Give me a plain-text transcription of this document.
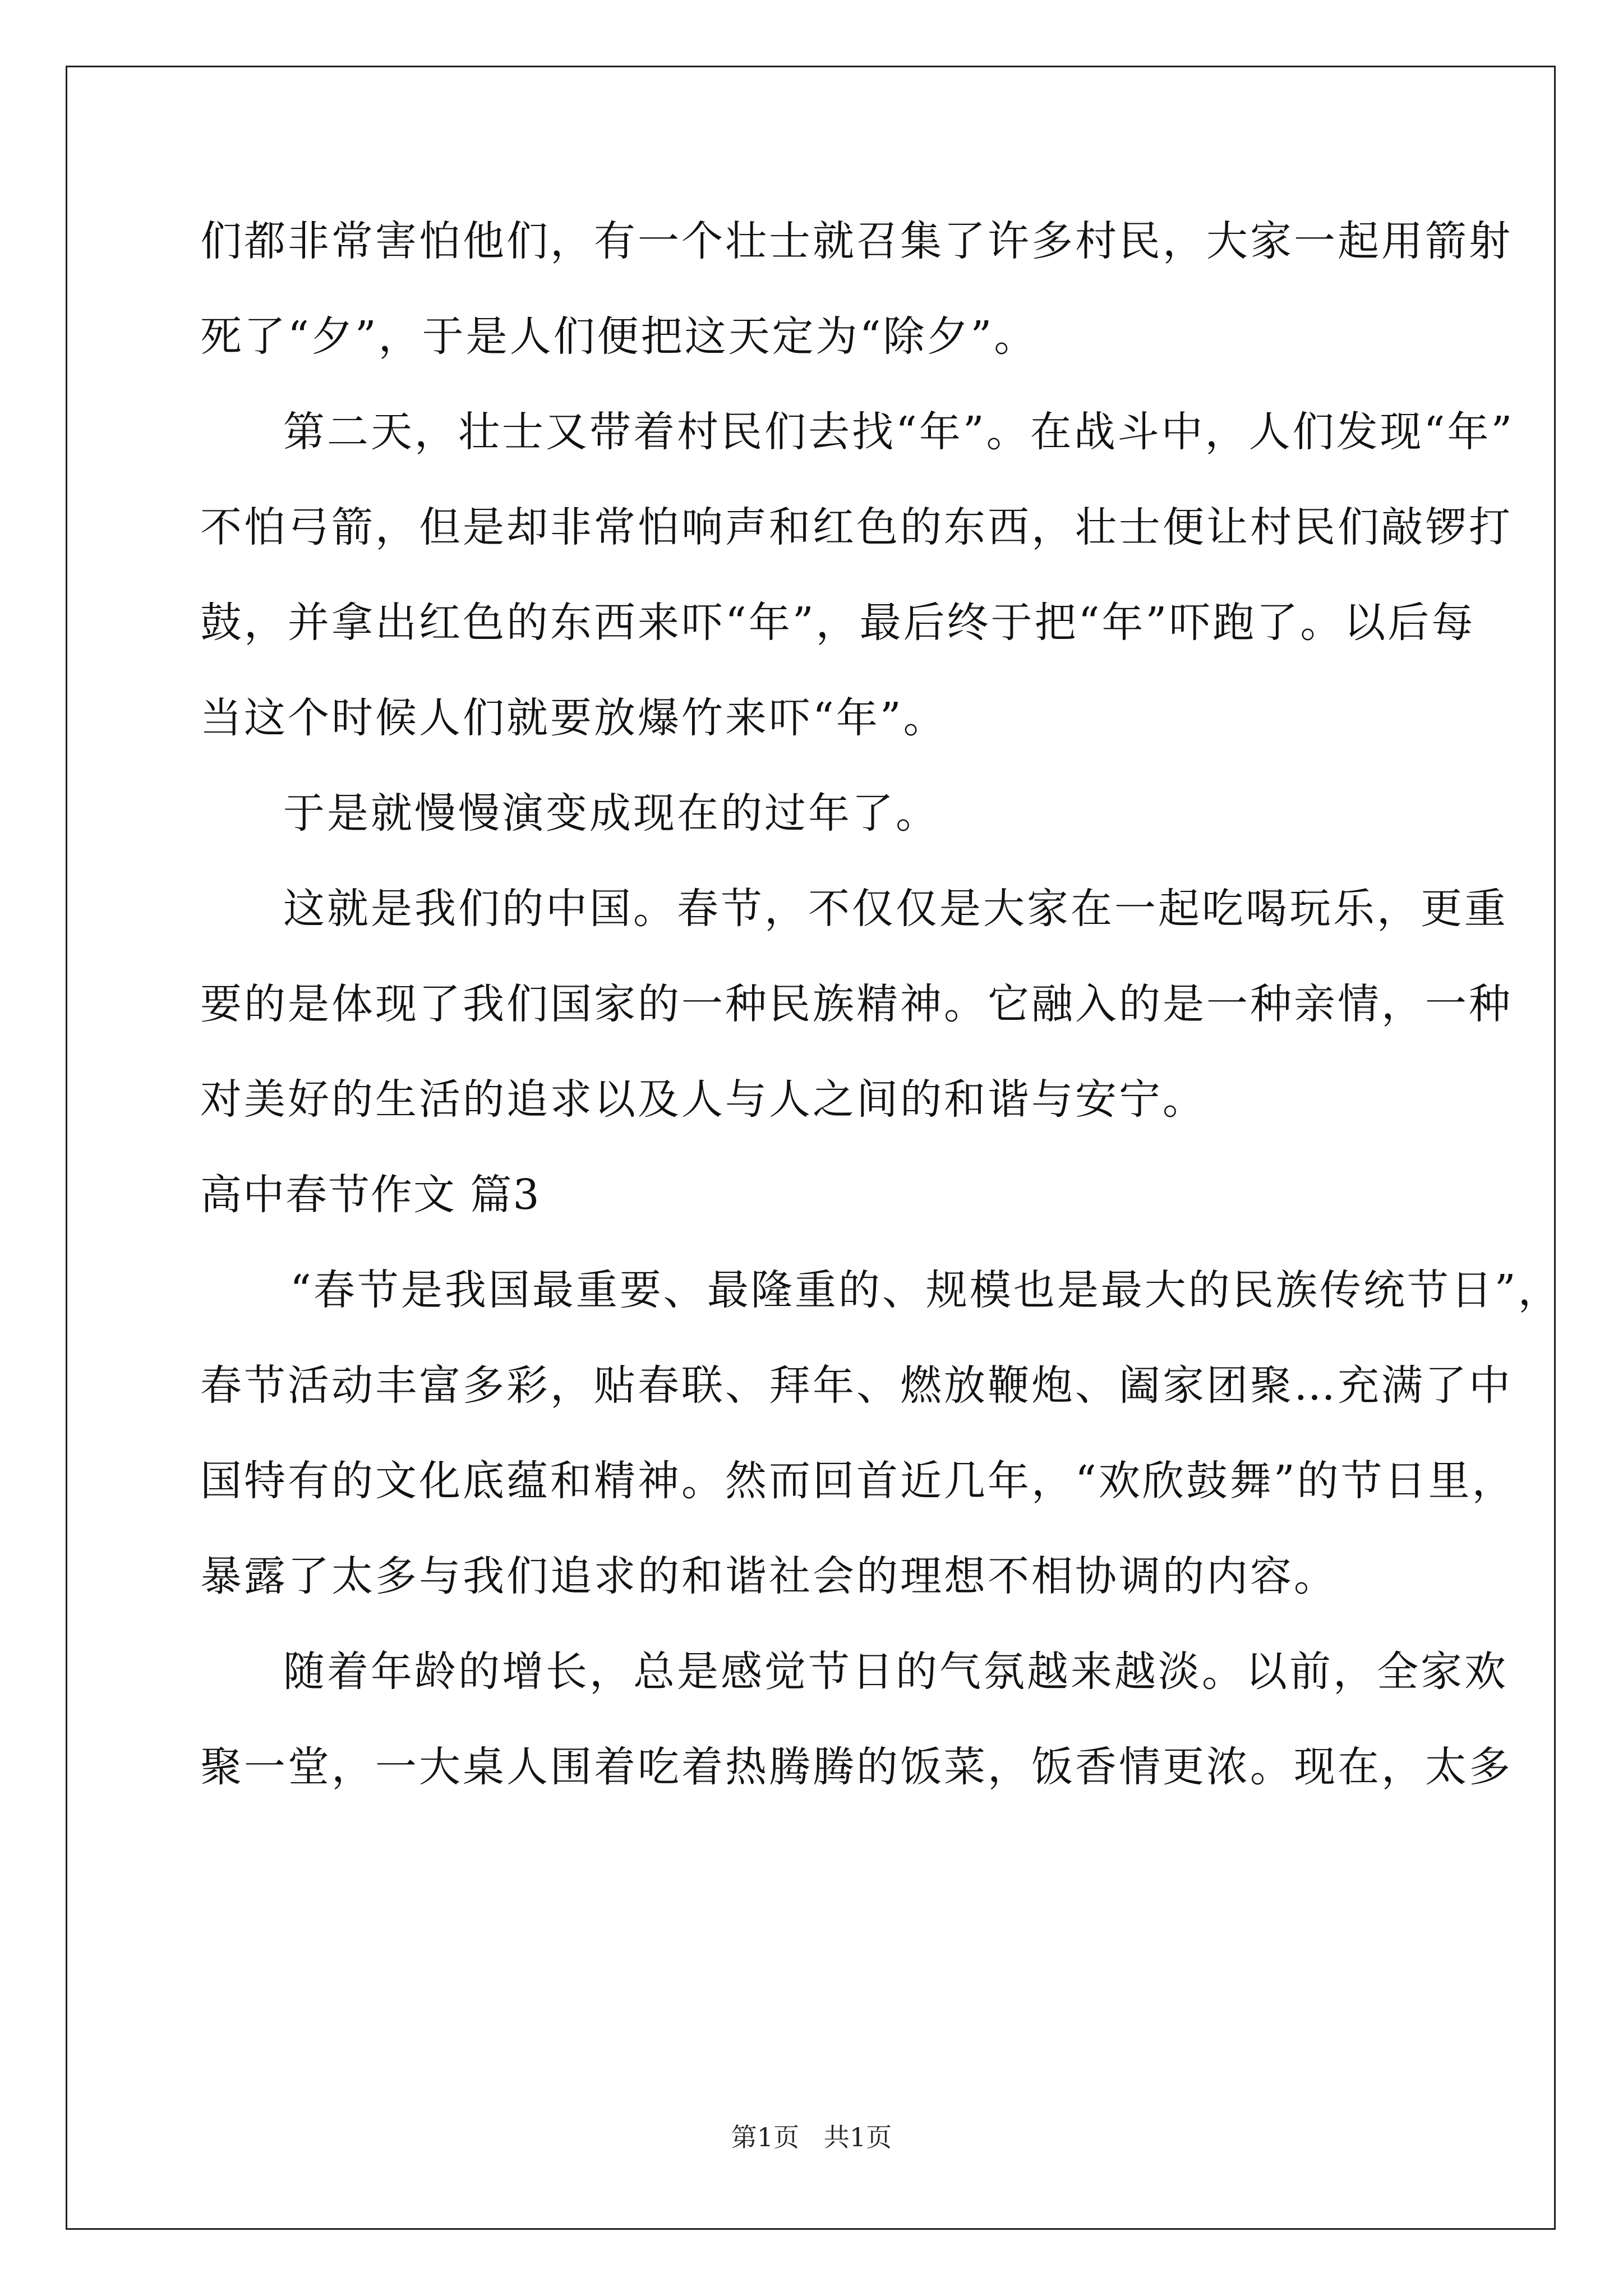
们都非常害怕他们，有一个壮士就召集了许多村民，大家一起用箭射
死了“夕”，于是人们便把这天定为“除夕”。
第二天，壮士又带着村民们去找“年”。在战斗中，人们发现“年”
不怕弓箭，但是却非常怕响声和红色的东西，壮士便让村民们敲锣打
鼓，并拿出红色的东西来吓“年”，最后终于把“年”吓跑了。以后每
当这个时候人们就要放爆竹来吓“年”。
于是就慢慢演变成现在的过年了。
这就是我们的中国。春节，不仅仅是大家在一起吃喝玩乐，更重
要的是体现了我们国家的一种民族精神。它融入的是一种亲情，一种
对美好的生活的追求以及人与人之间的和谐与安宁。
高中春节作文 篇3
“春节是我国最重要、最隆重的、规模也是最大的民族传统节日”，
春节活动丰富多彩，贴春联、拜年、燃放鞭炮、阖家团聚…充满了中
国特有的文化底蕴和精神。然而回首近几年，“欢欣鼓舞”的节日里，
暴露了太多与我们追求的和谐社会的理想不相协调的内容。
随着年龄的增长，总是感觉节日的气氛越来越淡。以前，全家欢
聚一堂，一大桌人围着吃着热腾腾的饭菜，饭香情更浓。现在，太多
第1页   共1页
